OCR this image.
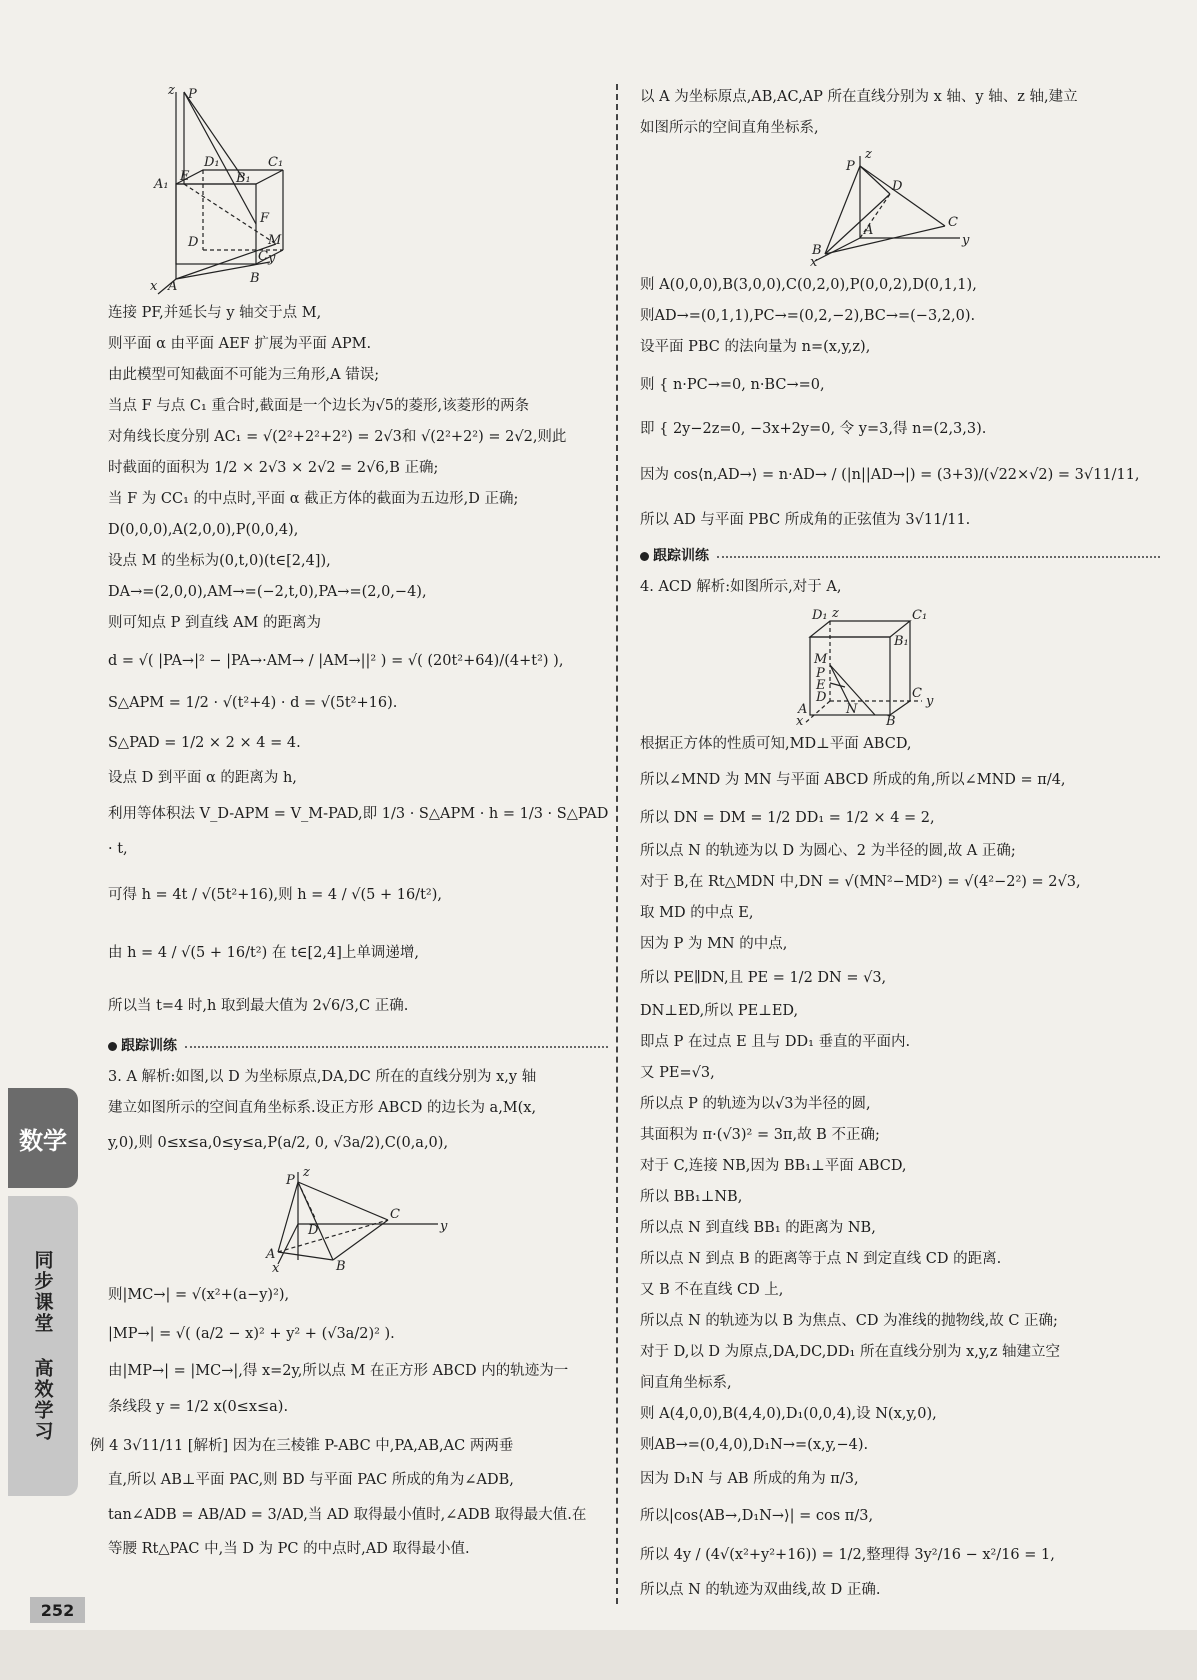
z P
D₁	C₁
A₁
E	B₁
F
D	M
C y
x A
B
连接 PF,并延长与 y 轴交于点 M,
则平面 α 由平面 AEF 扩展为平面 APM.
由此模型可知截面不可能为三角形,A 错误;
当点 F 与点 C₁ 重合时,截面是一个边长为√5的菱形,该菱形的两条
对角线长度分别 AC₁ = √(2²+2²+2²) = 2√3和 √(2²+2²) = 2√2,则此
时截面的面积为 1/2 × 2√3 × 2√2 = 2√6,B 正确;
当 F 为 CC₁ 的中点时,平面 α 截正方体的截面为五边形,D 正确;
D(0,0,0),A(2,0,0),P(0,0,4),
设点 M 的坐标为(0,t,0)(t∈[2,4]),
DA→=(2,0,0),AM→=(−2,t,0),PA→=(2,0,−4),
则可知点 P 到直线 AM 的距离为
d = √( |PA→|² − |PA→·AM→ / |AM→||² ) = √( (20t²+64)/(4+t²) ),
S△APM = 1/2 · √(t²+4) · d = √(5t²+16).
S△PAD = 1/2 × 2 × 4 = 4.
设点 D 到平面 α 的距离为 h,
利用等体积法 V_D-APM = V_M-PAD,即 1/3 · S△APM · h = 1/3 · S△PAD
· t,
可得 h = 4t / √(5t²+16),则 h = 4 / √(5 + 16/t²),
由 h = 4 / √(5 + 16/t²) 在 t∈[2,4]上单调递增,
所以当 t=4 时,h 取到最大值为 2√6/3,C 正确.
跟踪训练
3. A 解析:如图,以 D 为坐标原点,DA,DC 所在的直线分别为 x,y 轴
建立如图所示的空间直角坐标系.设正方形 ABCD 的边长为 a,M(x,
y,0),则 0≤x≤a,0≤y≤a,P(a/2, 0, √3a/2),C(0,a,0),
P
z
D
C
y
A
x	B
则|MC→| = √(x²+(a−y)²),
|MP→| = √( (a/2 − x)² + y² + (√3a/2)² ).
由|MP→| = |MC→|,得 x=2y,所以点 M 在正方形 ABCD 内的轨迹为一
条线段 y = 1/2 x(0≤x≤a).
例 4 3√11/11 [解析] 因为在三棱锥 P-ABC 中,PA,AB,AC 两两垂
直,所以 AB⊥平面 PAC,则 BD 与平面 PAC 所成的角为∠ADB,
tan∠ADB = AB/AD = 3/AD,当 AD 取得最小值时,∠ADB 取得最大值.在
等腰 Rt△PAC 中,当 D 为 PC 的中点时,AD 取得最小值.
以 A 为坐标原点,AB,AC,AP 所在直线分别为 x 轴、y 轴、z 轴,建立
如图所示的空间直角坐标系,
z
P
D
C
A
y
B
x
则 A(0,0,0),B(3,0,0),C(0,2,0),P(0,0,2),D(0,1,1),
则AD→=(0,1,1),PC→=(0,2,−2),BC→=(−3,2,0).
设平面 PBC 的法向量为 n=(x,y,z),
则 { n·PC→=0, n·BC→=0,
即 { 2y−2z=0, −3x+2y=0, 令 y=3,得 n=(2,3,3).
因为 cos⟨n,AD→⟩ = n·AD→ / (|n||AD→|) = (3+3)/(√22×√2) = 3√11/11,
所以 AD 与平面 PBC 所成角的正弦值为 3√11/11.
跟踪训练
4. ACD 解析:如图所示,对于 A,
D₁ z	C₁
B₁
M
P
E
D	C
y
A	N
x	B
根据正方体的性质可知,MD⊥平面 ABCD,
所以∠MND 为 MN 与平面 ABCD 所成的角,所以∠MND = π/4,
所以 DN = DM = 1/2 DD₁ = 1/2 × 4 = 2,
所以点 N 的轨迹为以 D 为圆心、2 为半径的圆,故 A 正确;
对于 B,在 Rt△MDN 中,DN = √(MN²−MD²) = √(4²−2²) = 2√3,
取 MD 的中点 E,
因为 P 为 MN 的中点,
所以 PE∥DN,且 PE = 1/2 DN = √3,
DN⊥ED,所以 PE⊥ED,
即点 P 在过点 E 且与 DD₁ 垂直的平面内.
又 PE=√3,
所以点 P 的轨迹为以√3为半径的圆,
其面积为 π·(√3)² = 3π,故 B 不正确;
对于 C,连接 NB,因为 BB₁⊥平面 ABCD,
所以 BB₁⊥NB,
所以点 N 到直线 BB₁ 的距离为 NB,
所以点 N 到点 B 的距离等于点 N 到定直线 CD 的距离.
又 B 不在直线 CD 上,
所以点 N 的轨迹为以 B 为焦点、CD 为准线的抛物线,故 C 正确;
对于 D,以 D 为原点,DA,DC,DD₁ 所在直线分别为 x,y,z 轴建立空
间直角坐标系,
则 A(4,0,0),B(4,4,0),D₁(0,0,4),设 N(x,y,0),
则AB→=(0,4,0),D₁N→=(x,y,−4).
因为 D₁N 与 AB 所成的角为 π/3,
所以|cos⟨AB→,D₁N→⟩| = cos π/3,
所以 4y / (4√(x²+y²+16)) = 1/2,整理得 3y²/16 − x²/16 = 1,
所以点 N 的轨迹为双曲线,故 D 正确.
数学
同步课堂 高效学习
252
